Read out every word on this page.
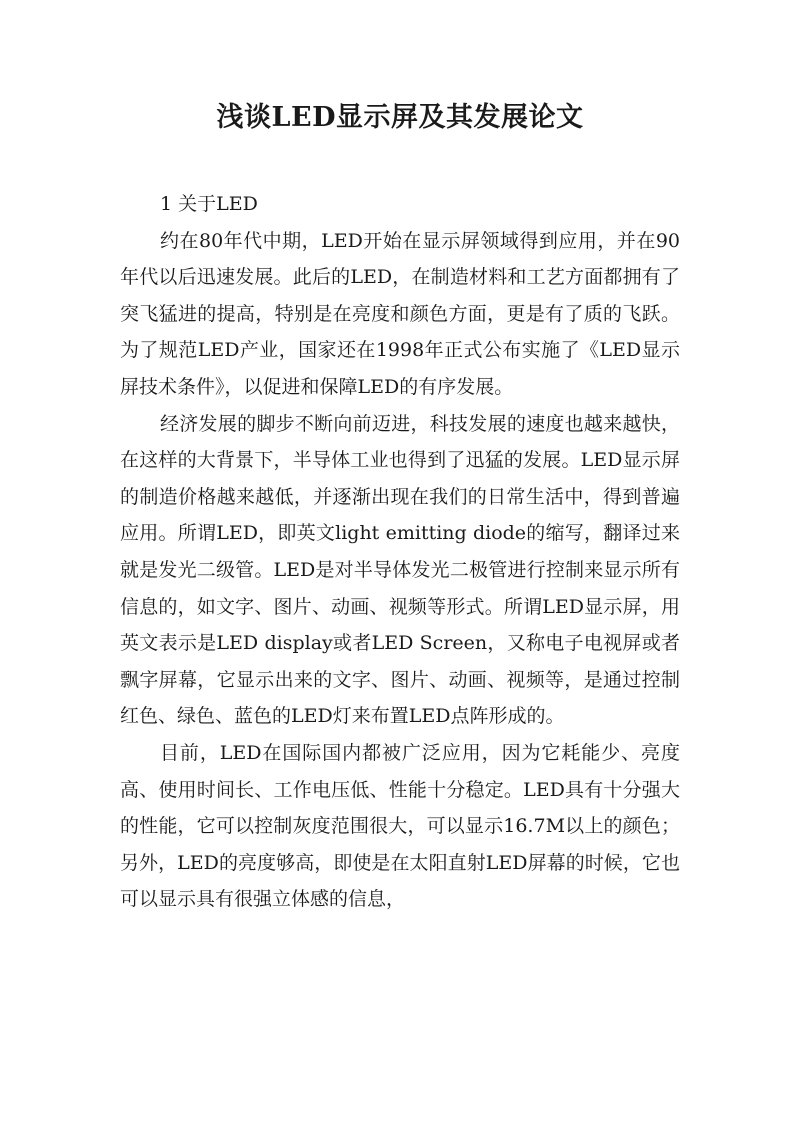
浅谈LED显示屏及其发展论文

1 关于LED

约在80年代中期，LED开始在显示屏领域得到应用，并在90年代以后迅速发展。此后的LED，在制造材料和工艺方面都拥有了突飞猛进的提高，特别是在亮度和颜色方面，更是有了质的飞跃。为了规范LED产业，国家还在1998年正式公布实施了《LED显示屏技术条件》，以促进和保障LED的有序发展。

经济发展的脚步不断向前迈进，科技发展的速度也越来越快，在这样的大背景下，半导体工业也得到了迅猛的发展。LED显示屏的制造价格越来越低，并逐渐出现在我们的日常生活中，得到普遍应用。所谓LED，即英文light emitting diode的缩写，翻译过来就是发光二级管。LED是对半导体发光二极管进行控制来显示所有信息的，如文字、图片、动画、视频等形式。所谓LED显示屏，用英文表示是LED display或者LED Screen，又称电子电视屏或者飘字屏幕，它显示出来的文字、图片、动画、视频等，是通过控制红色、绿色、蓝色的LED灯来布置LED点阵形成的。

目前，LED在国际国内都被广泛应用，因为它耗能少、亮度高、使用时间长、工作电压低、性能十分稳定。LED具有十分强大的性能，它可以控制灰度范围很大，可以显示16.7M以上的颜色；另外，LED的亮度够高，即使是在太阳直射LED屏幕的时候，它也可以显示具有很强立体感的信息，
